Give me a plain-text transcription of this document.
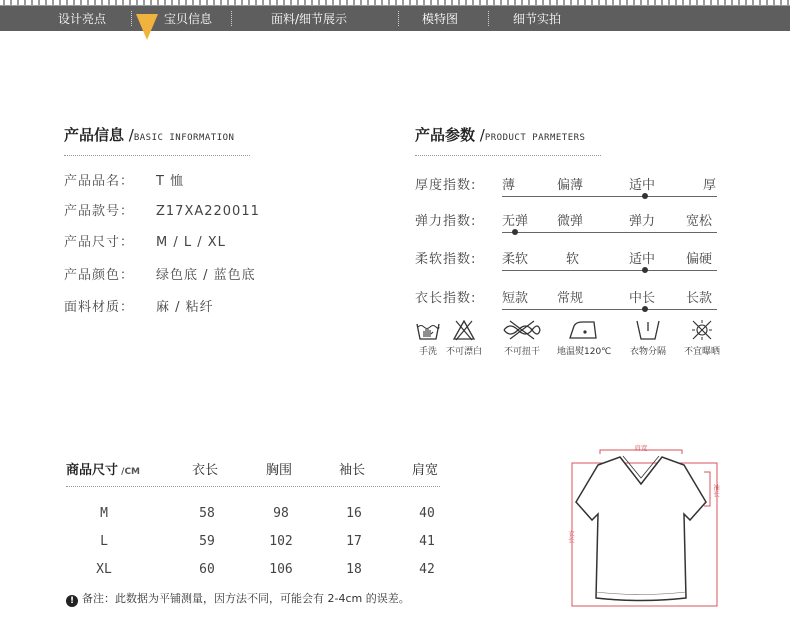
设计亮点	宝贝信息	面料/细节展示	模特图	细节实拍
产品信息 /BASIC INFORMATION
产品品名： T 恤
产品款号： Z17XA220011
产品尺寸： M / L / XL
产品颜色： 绿色底 / 蓝色底
面料材质： 麻 / 粘纤
产品参数 /PRODUCT PARMETERS
厚度指数: 薄	偏薄	适中	厚
弹力指数: 无弹 微弹	弹力 宽松
柔软指数: 柔软	软	适中 偏硬
衣长指数: 短款 常规	中长 长款
手洗	不可漂白 不可扭干 地温熨120℃ 衣物分隔 不宜曝晒
商品尺寸 /CM	衣长	胸围	袖长	肩宽
M	58	98	16	40
L	59	102	17	41
XL	60	106	18	42
! 备注：此数据为平铺测量，因方法不同，可能会有 2-4cm 的误差。
肩宽
袖长
衣长
